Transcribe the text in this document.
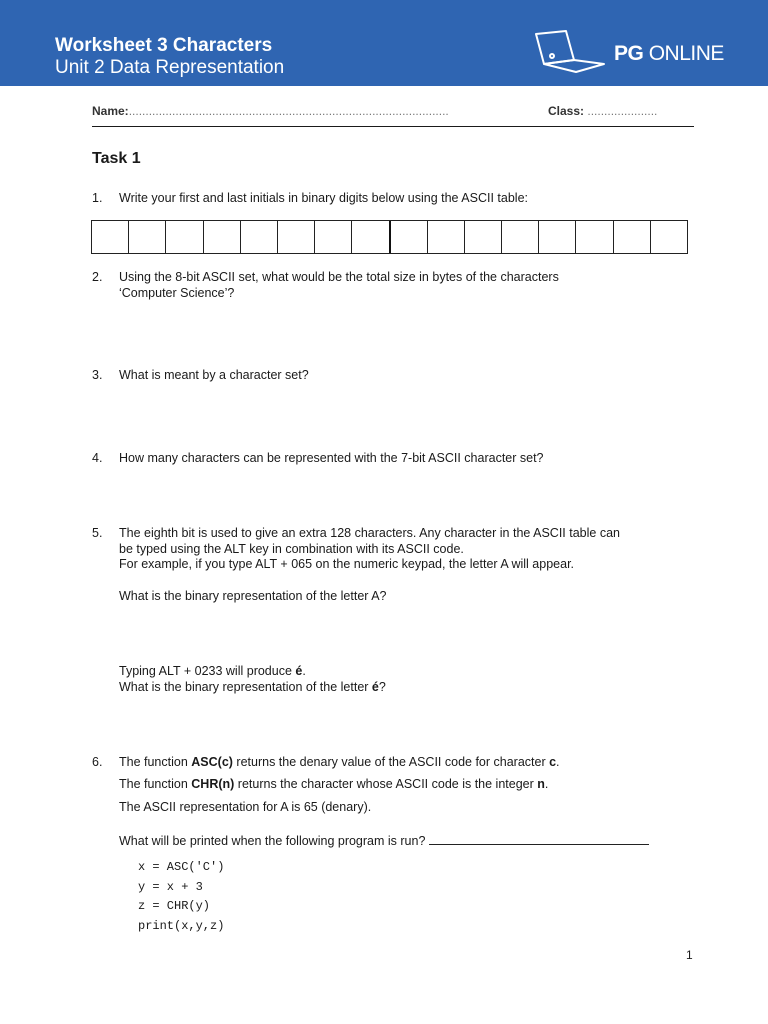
Worksheet 3 Characters
Unit 2 Data Representation
PG ONLINE
Name:................................................................................................	Class: .....................
Task 1
1. Write your first and last initials in binary digits below using the ASCII table:

2. Using the 8-bit ASCII set, what would be the total size in bytes of the characters

‘Computer Science’?

3. What is meant by a character set?

4. How many characters can be represented with the 7-bit ASCII character set?

5. The eighth bit is used to give an extra 128 characters. Any character in the ASCII table can

be typed using the ALT key in combination with its ASCII code.

For example, if you type ALT + 065 on the numeric keypad, the letter A will appear.

What is the binary representation of the letter A?

Typing ALT + 0233 will produce é.

What is the binary representation of the letter é?

6. The function ASC(c) returns the denary value of the ASCII code for character c.

The function CHR(n) returns the character whose ASCII code is the integer n.

The ASCII representation for A is 65 (denary).

What will be printed when the following program is run?

x = ASC('C')
y = x + 3
z = CHR(y)
print(x,y,z)
1
